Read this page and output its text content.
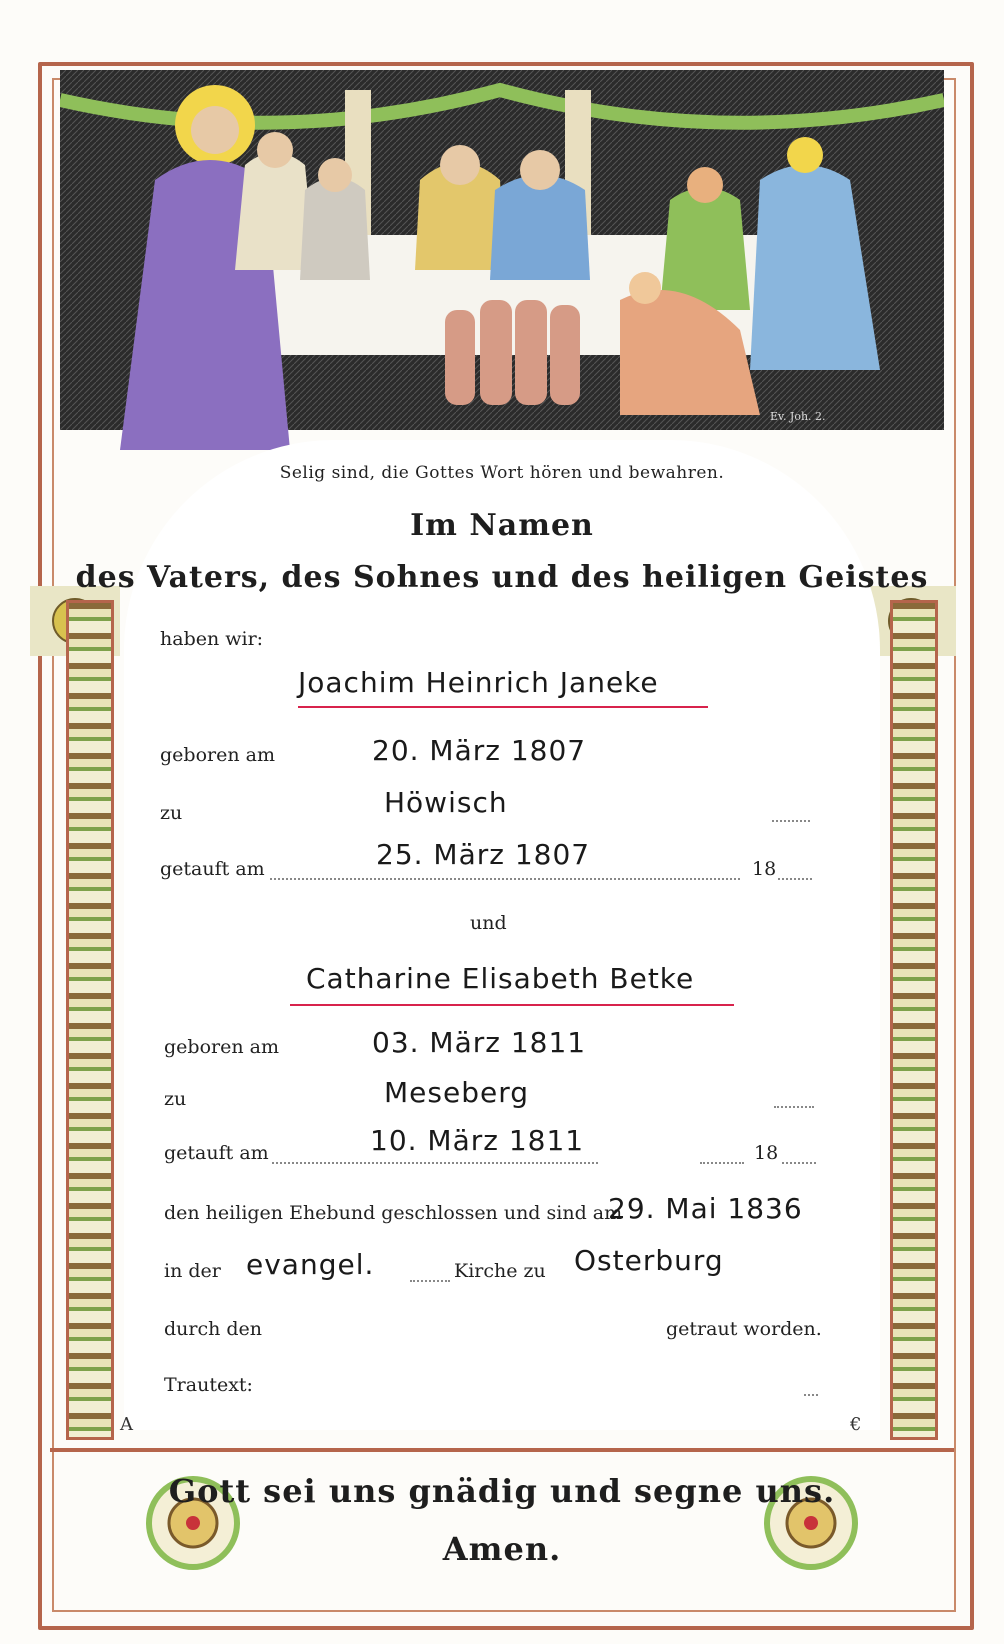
Ev. Joh. 2.
Selig sind, die Gottes Wort hören und bewahren.
Im Namen
des Vaters, des Sohnes und des heiligen Geistes
haben wir:
Joachim Heinrich Janeke
geboren am	20. März 1807
zu	Höwisch
getauft am	25. März 1807	18
und
Catharine Elisabeth Betke
geboren am	03. März 1811
zu	Meseberg
getauft am	10. März 1811	18
den heiligen Ehebund geschlossen und sind am
29. Mai 1836
in der evangel.	Kirche zu Osterburg
durch den	getraut worden.
Trautext:
A	€
Gott sei uns gnädig und segne uns.
Amen.
